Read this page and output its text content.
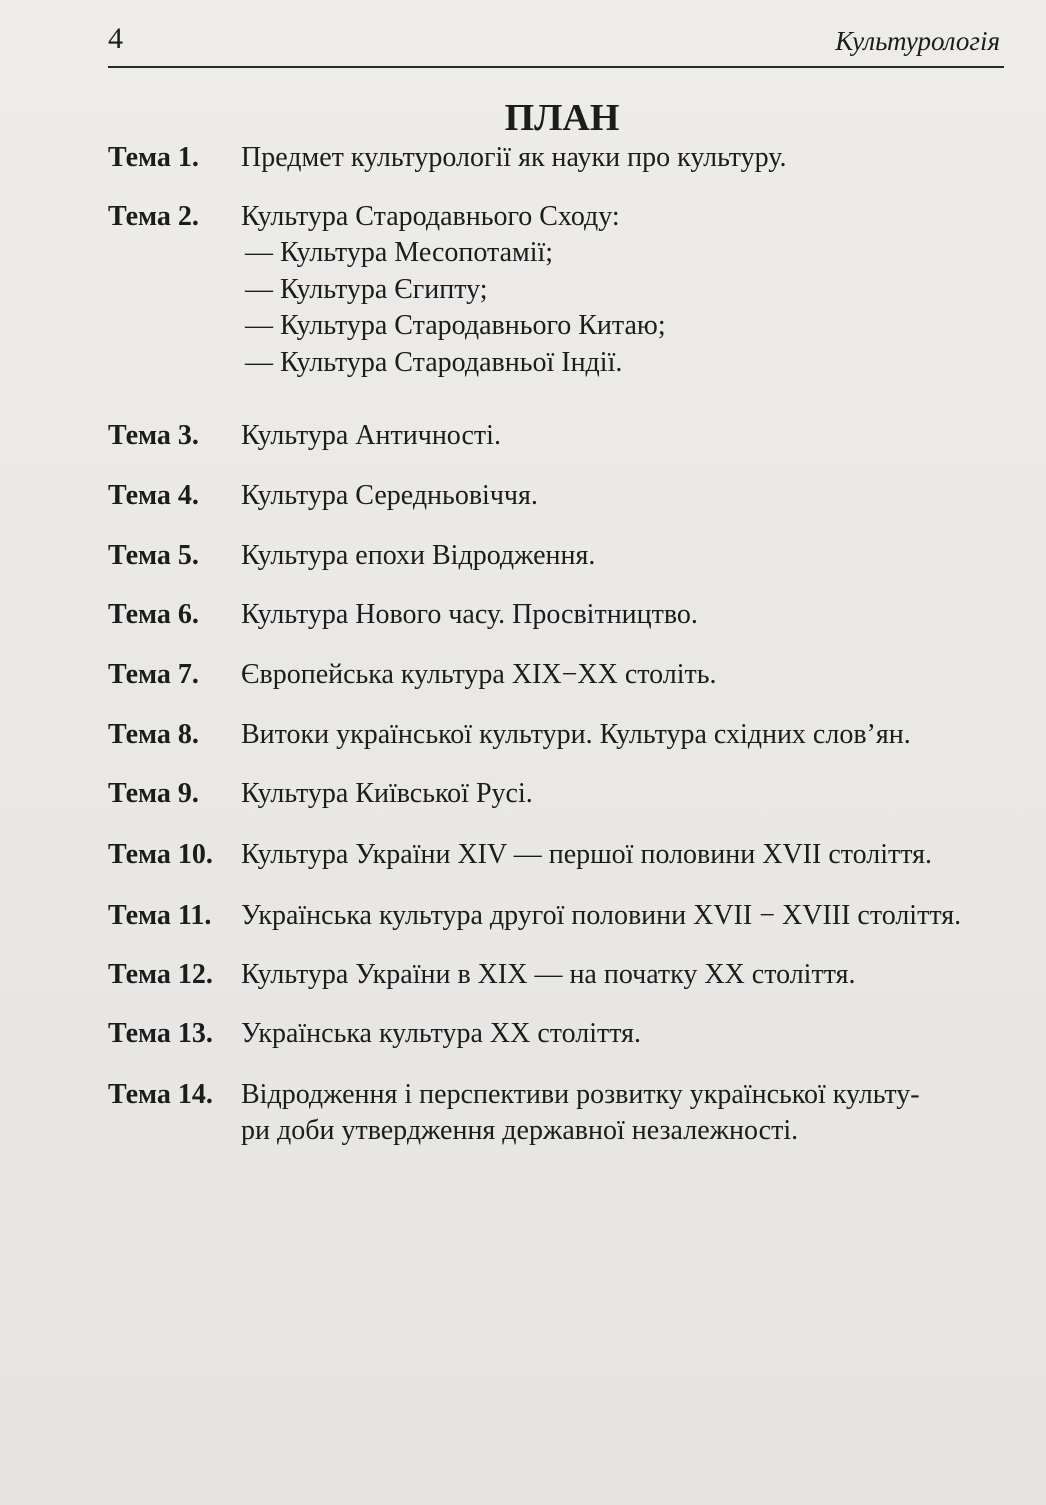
4	Культурологія
ПЛАН
Тема 1. Предмет культурології як науки про культуру.
Тема 2. Культура Стародавнього Сходу:
— Культура Месопотамії;
— Культура Єгипту;
— Культура Стародавнього Китаю;
— Культура Стародавньої Індії.
Тема 3. Культура Античності.
Тема 4. Культура Середньовіччя.
Тема 5. Культура епохи Відродження.
Тема 6. Культура Нового часу. Просвітництво.
Тема 7. Європейська культура XIX−XX століть.
Тема 8. Витоки української культури. Культура східних слов’ян.
Тема 9. Культура Київської Русі.
Тема 10. Культура України XIV — першої половини XVII століття.
Тема 11. Українська культура другої половини XVII − XVIII століття.
Тема 12. Культура України в XIX — на початку XX століття.
Тема 13. Українська культура XX століття.
Тема 14. Відродження і перспективи розвитку української культу-
ри доби утвердження державної незалежності.
